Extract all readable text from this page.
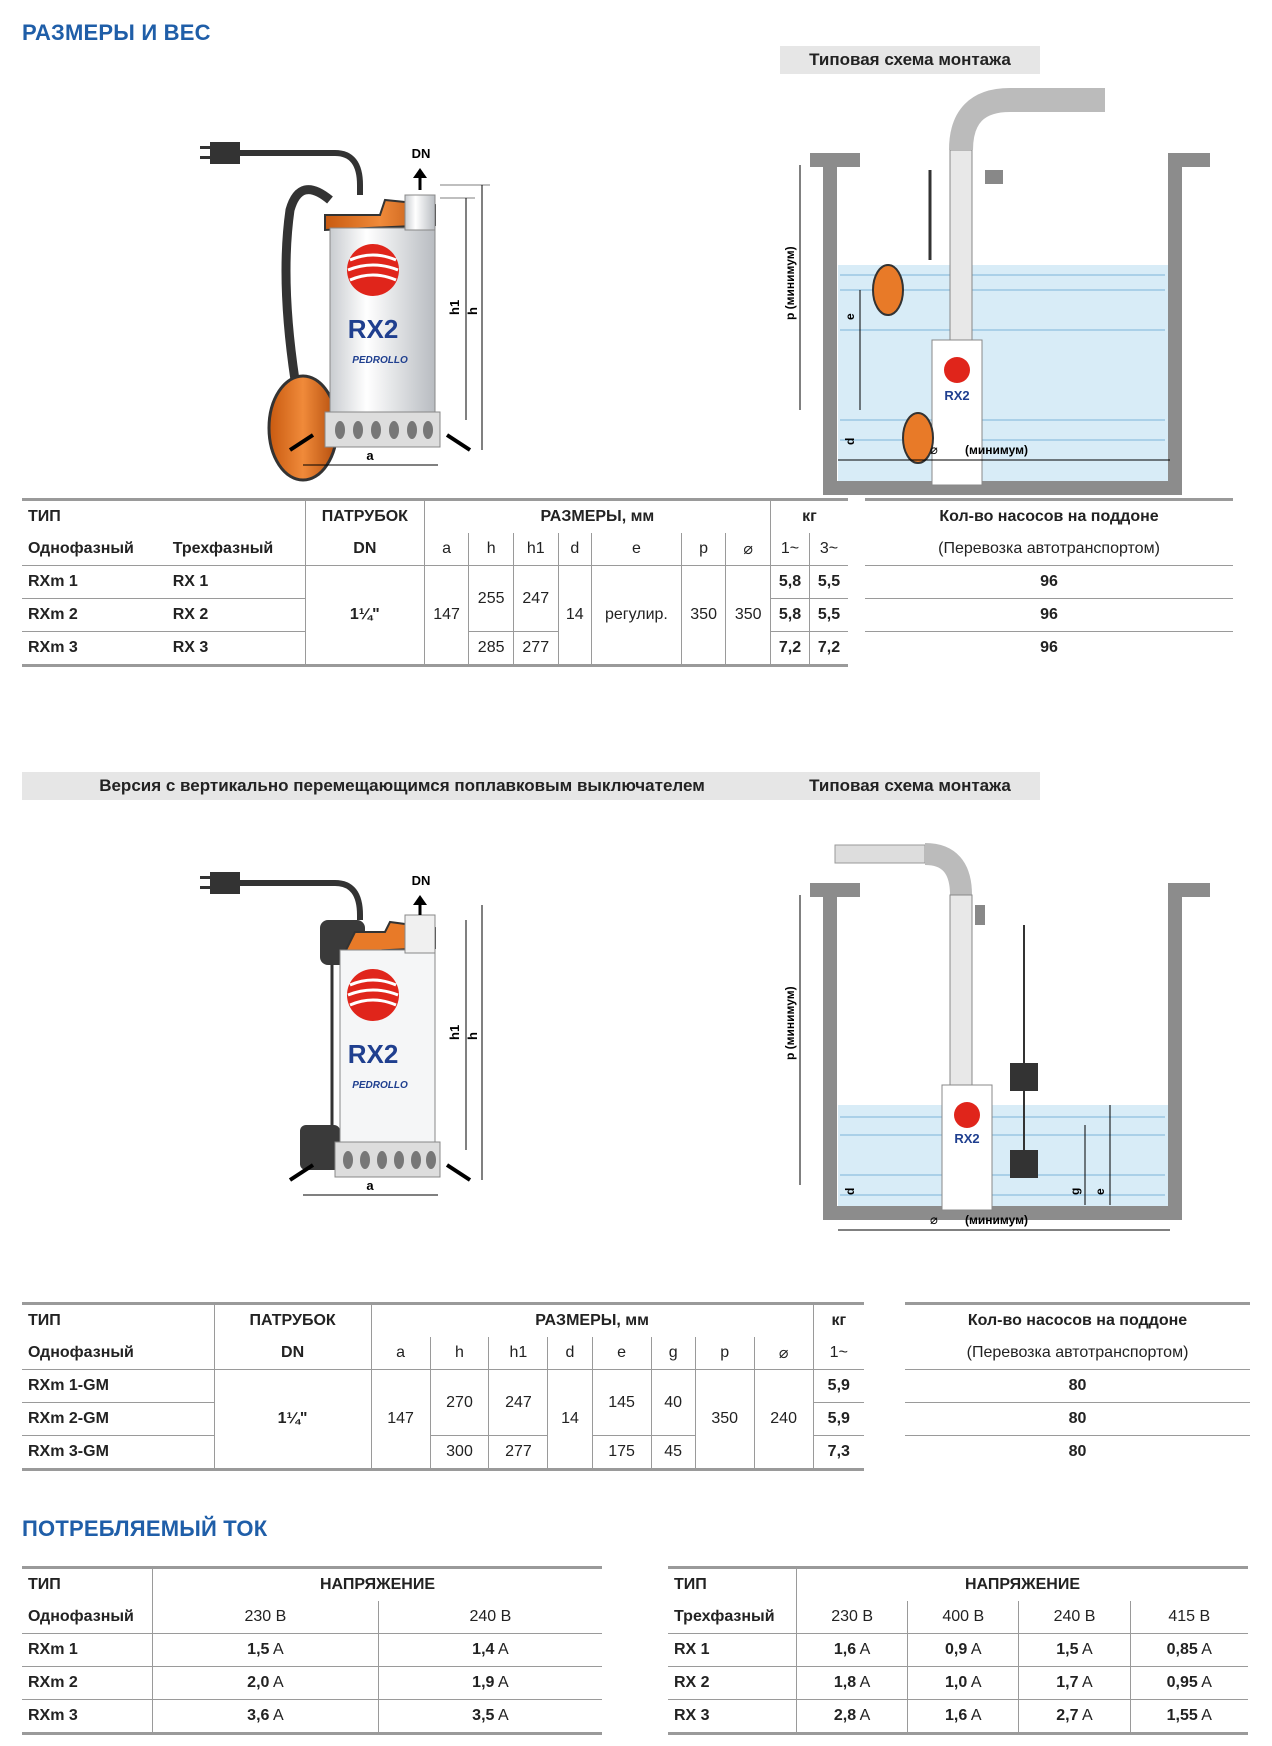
РАЗМЕРЫ И ВЕС
Типовая схема монтажа
Версия с вертикально перемещающимся поплавковым выключателем	Типовая схема монтажа
ПОТРЕБЛЯЕМЫЙ ТОК
RX2
PEDROLLO
DN
h1 h
a
RX2
p (минимум)	e
d
⌀ (минимум)
ТИП		ПАТРУБОК	РАЗМЕРЫ, мм							кг	
Однофазный	Трехфазный	DN	a	h	h1	d	e	p	⌀	1~	3~
RXm 1	RX 1	1¼"	147	255	247	14	регулир.	350	350	5,8	5,5
RXm 2	RX 2									5,8	5,5
RXm 3	RX 3			285	277					7,2	7,2
Кол-во насосов на поддоне
(Перевозка автотранспортом)
96
96
96
RX2
PEDROLLO
DN
h1 h
a
RX2
p (минимум)
d	g e
⌀ (минимум)
ТИП	ПАТРУБОК	РАЗМЕРЫ, мм								кг
Однофазный	DN	a	h	h1	d	e	g	p	⌀	1~
RXm 1-GM	1¼"	147	270	247	14	145	40	350	240	5,9
RXm 2-GM										5,9
RXm 3-GM			300	277		175	45			7,3
Кол-во насосов на поддоне
(Перевозка автотранспортом)
80
80
80
ТИП	НАПРЯЖЕНИЕ	
Однофазный	230 В	240 В
RXm 1	1,5 A	1,4 A
RXm 2	2,0 A	1,9 A
RXm 3	3,6 A	3,5 A
ТИП	НАПРЯЖЕНИЕ			
Трехфазный	230 В	400 В	240 В	415 В
RX 1	1,6 A	0,9 A	1,5 A	0,85 A
RX 2	1,8 A	1,0 A	1,7 A	0,95 A
RX 3	2,8 A	1,6 A	2,7 A	1,55 A
